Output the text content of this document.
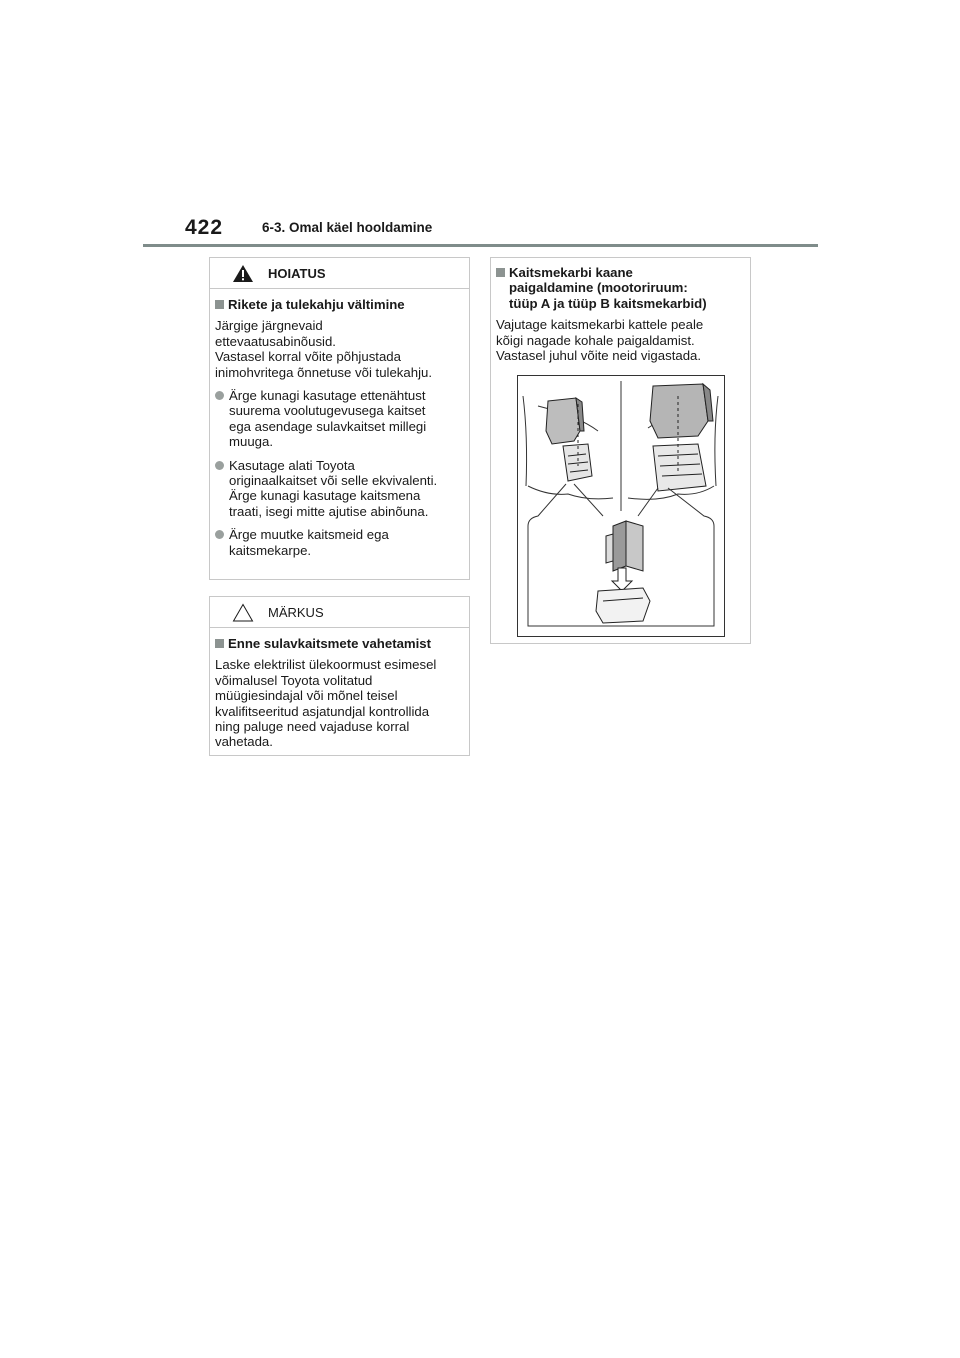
422	6-3. Omal käel hooldamine
HOIATUS
Rikete ja tulekahju vältimine
Järgige järgnevaid
ettevaatusabinõusid.
Vastasel korral võite põhjustada
inimohvritega õnnetuse või tulekahju.
Ärge kunagi kasutage ettenähtust
suurema voolutugevusega kaitset
ega asendage sulavkaitset millegi
muuga.
Kasutage alati Toyota
originaalkaitset või selle ekvivalenti.
Ärge kunagi kasutage kaitsmena
traati, isegi mitte ajutise abinõuna.
Ärge muutke kaitsmeid ega
kaitsmekarpe.
MÄRKUS
Enne sulavkaitsmete vahetamist
Laske elektrilist ülekoormust esimesel
võimalusel Toyota volitatud
müügiesindajal või mõnel teisel
kvalifitseeritud asjatundjal kontrollida
ning paluge need vajaduse korral
vahetada.
Kaitsmekarbi kaane
paigaldamine (mootoriruum:
tüüp A ja tüüp B kaitsmekarbid)
Vajutage kaitsmekarbi kattele peale
kõigi nagade kohale paigaldamist.
Vastasel juhul võite neid vigastada.
